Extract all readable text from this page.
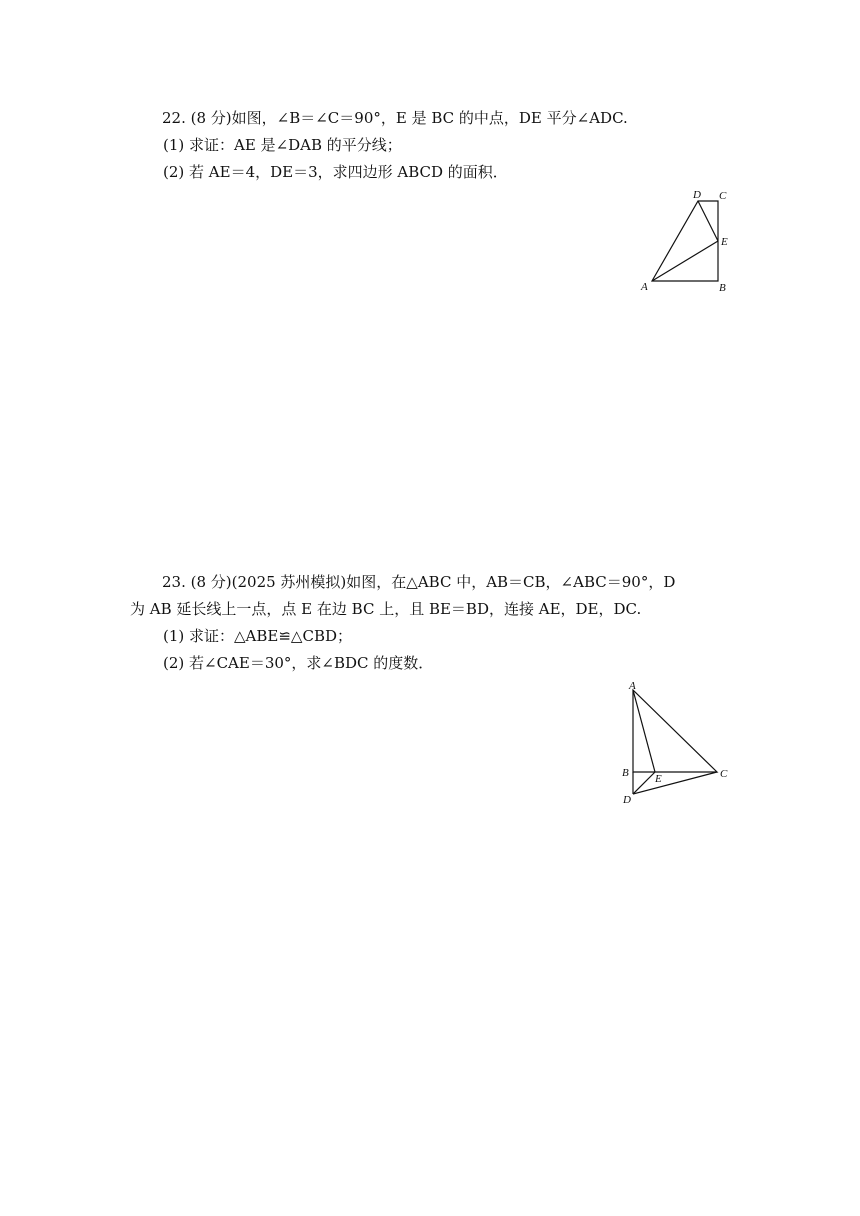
22. (8 分)如图，∠B＝∠C＝90°，E 是 BC 的中点，DE 平分∠ADC.
(1) 求证：AE 是∠DAB 的平分线；
(2) 若 AE＝4，DE＝3，求四边形 ABCD 的面积．
A	B
C
D
E
23. (8 分)(2025 苏州模拟)如图，在△ABC 中，AB＝CB，∠ABC＝90°，D
为 AB 延长线上一点，点 E 在边 BC 上，且 BE＝BD，连接 AE，DE，DC.
(1) 求证：△ABE≌△CBD；
(2) 若∠CAE＝30°，求∠BDC 的度数．
A
B	C
D
E
